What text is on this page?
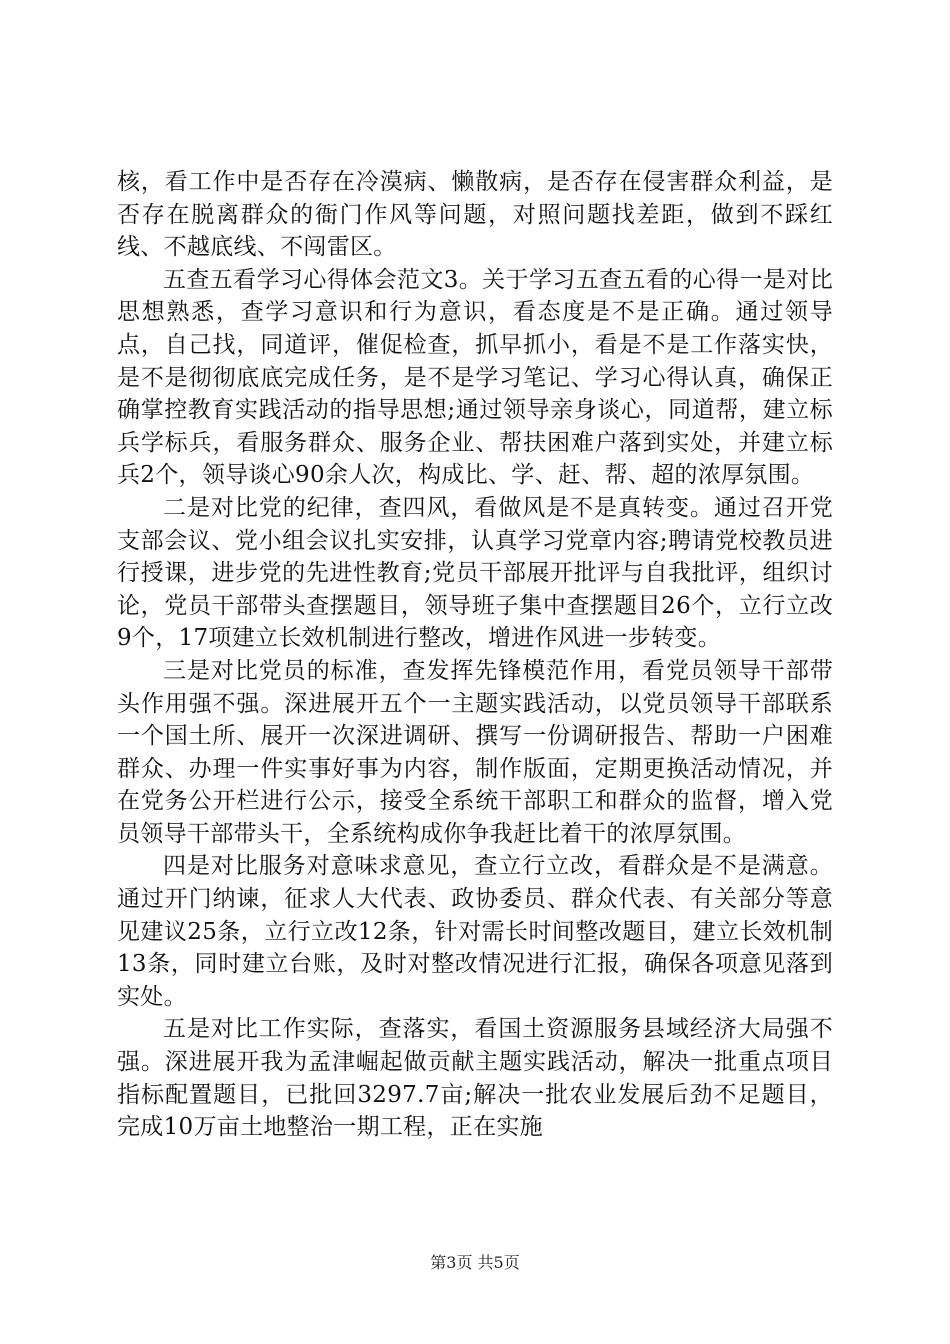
核，看工作中是否存在冷漠病、懒散病，是否存在侵害群众利益，是否存在脱离群众的衙门作风等问题，对照问题找差距，做到不踩红线、不越底线、不闯雷区。

五查五看学习心得体会范文3。关于学习五查五看的心得一是对比思想熟悉，查学习意识和行为意识，看态度是不是正确。通过领导点，自己找，同道评，催促检查，抓早抓小，看是不是工作落实快，是不是彻彻底底完成任务，是不是学习笔记、学习心得认真，确保正确掌控教育实践活动的指导思想;通过领导亲身谈心，同道帮，建立标兵学标兵，看服务群众、服务企业、帮扶困难户落到实处，并建立标兵2个，领导谈心90余人次，构成比、学、赶、帮、超的浓厚氛围。

二是对比党的纪律，查四风，看做风是不是真转变。通过召开党支部会议、党小组会议扎实安排，认真学习党章内容;聘请党校教员进行授课，进步党的先进性教育;党员干部展开批评与自我批评，组织讨论，党员干部带头查摆题目，领导班子集中查摆题目26个，立行立改9个，17项建立长效机制进行整改，增进作风进一步转变。

三是对比党员的标准，查发挥先锋模范作用，看党员领导干部带头作用强不强。深进展开五个一主题实践活动，以党员领导干部联系一个国土所、展开一次深进调研、撰写一份调研报告、帮助一户困难群众、办理一件实事好事为内容，制作版面，定期更换活动情况，并在党务公开栏进行公示，接受全系统干部职工和群众的监督，增入党员领导干部带头干，全系统构成你争我赶比着干的浓厚氛围。

四是对比服务对意味求意见，查立行立改，看群众是不是满意。通过开门纳谏，征求人大代表、政协委员、群众代表、有关部分等意见建议25条，立行立改12条，针对需长时间整改题目，建立长效机制13条，同时建立台账，及时对整改情况进行汇报，确保各项意见落到实处。

五是对比工作实际，查落实，看国土资源服务县域经济大局强不强。深进展开我为孟津崛起做贡献主题实践活动，解决一批重点项目指标配置题目，已批回3297.7亩;解决一批农业发展后劲不足题目，完成10万亩土地整治一期工程，正在实施

第3页 共5页
